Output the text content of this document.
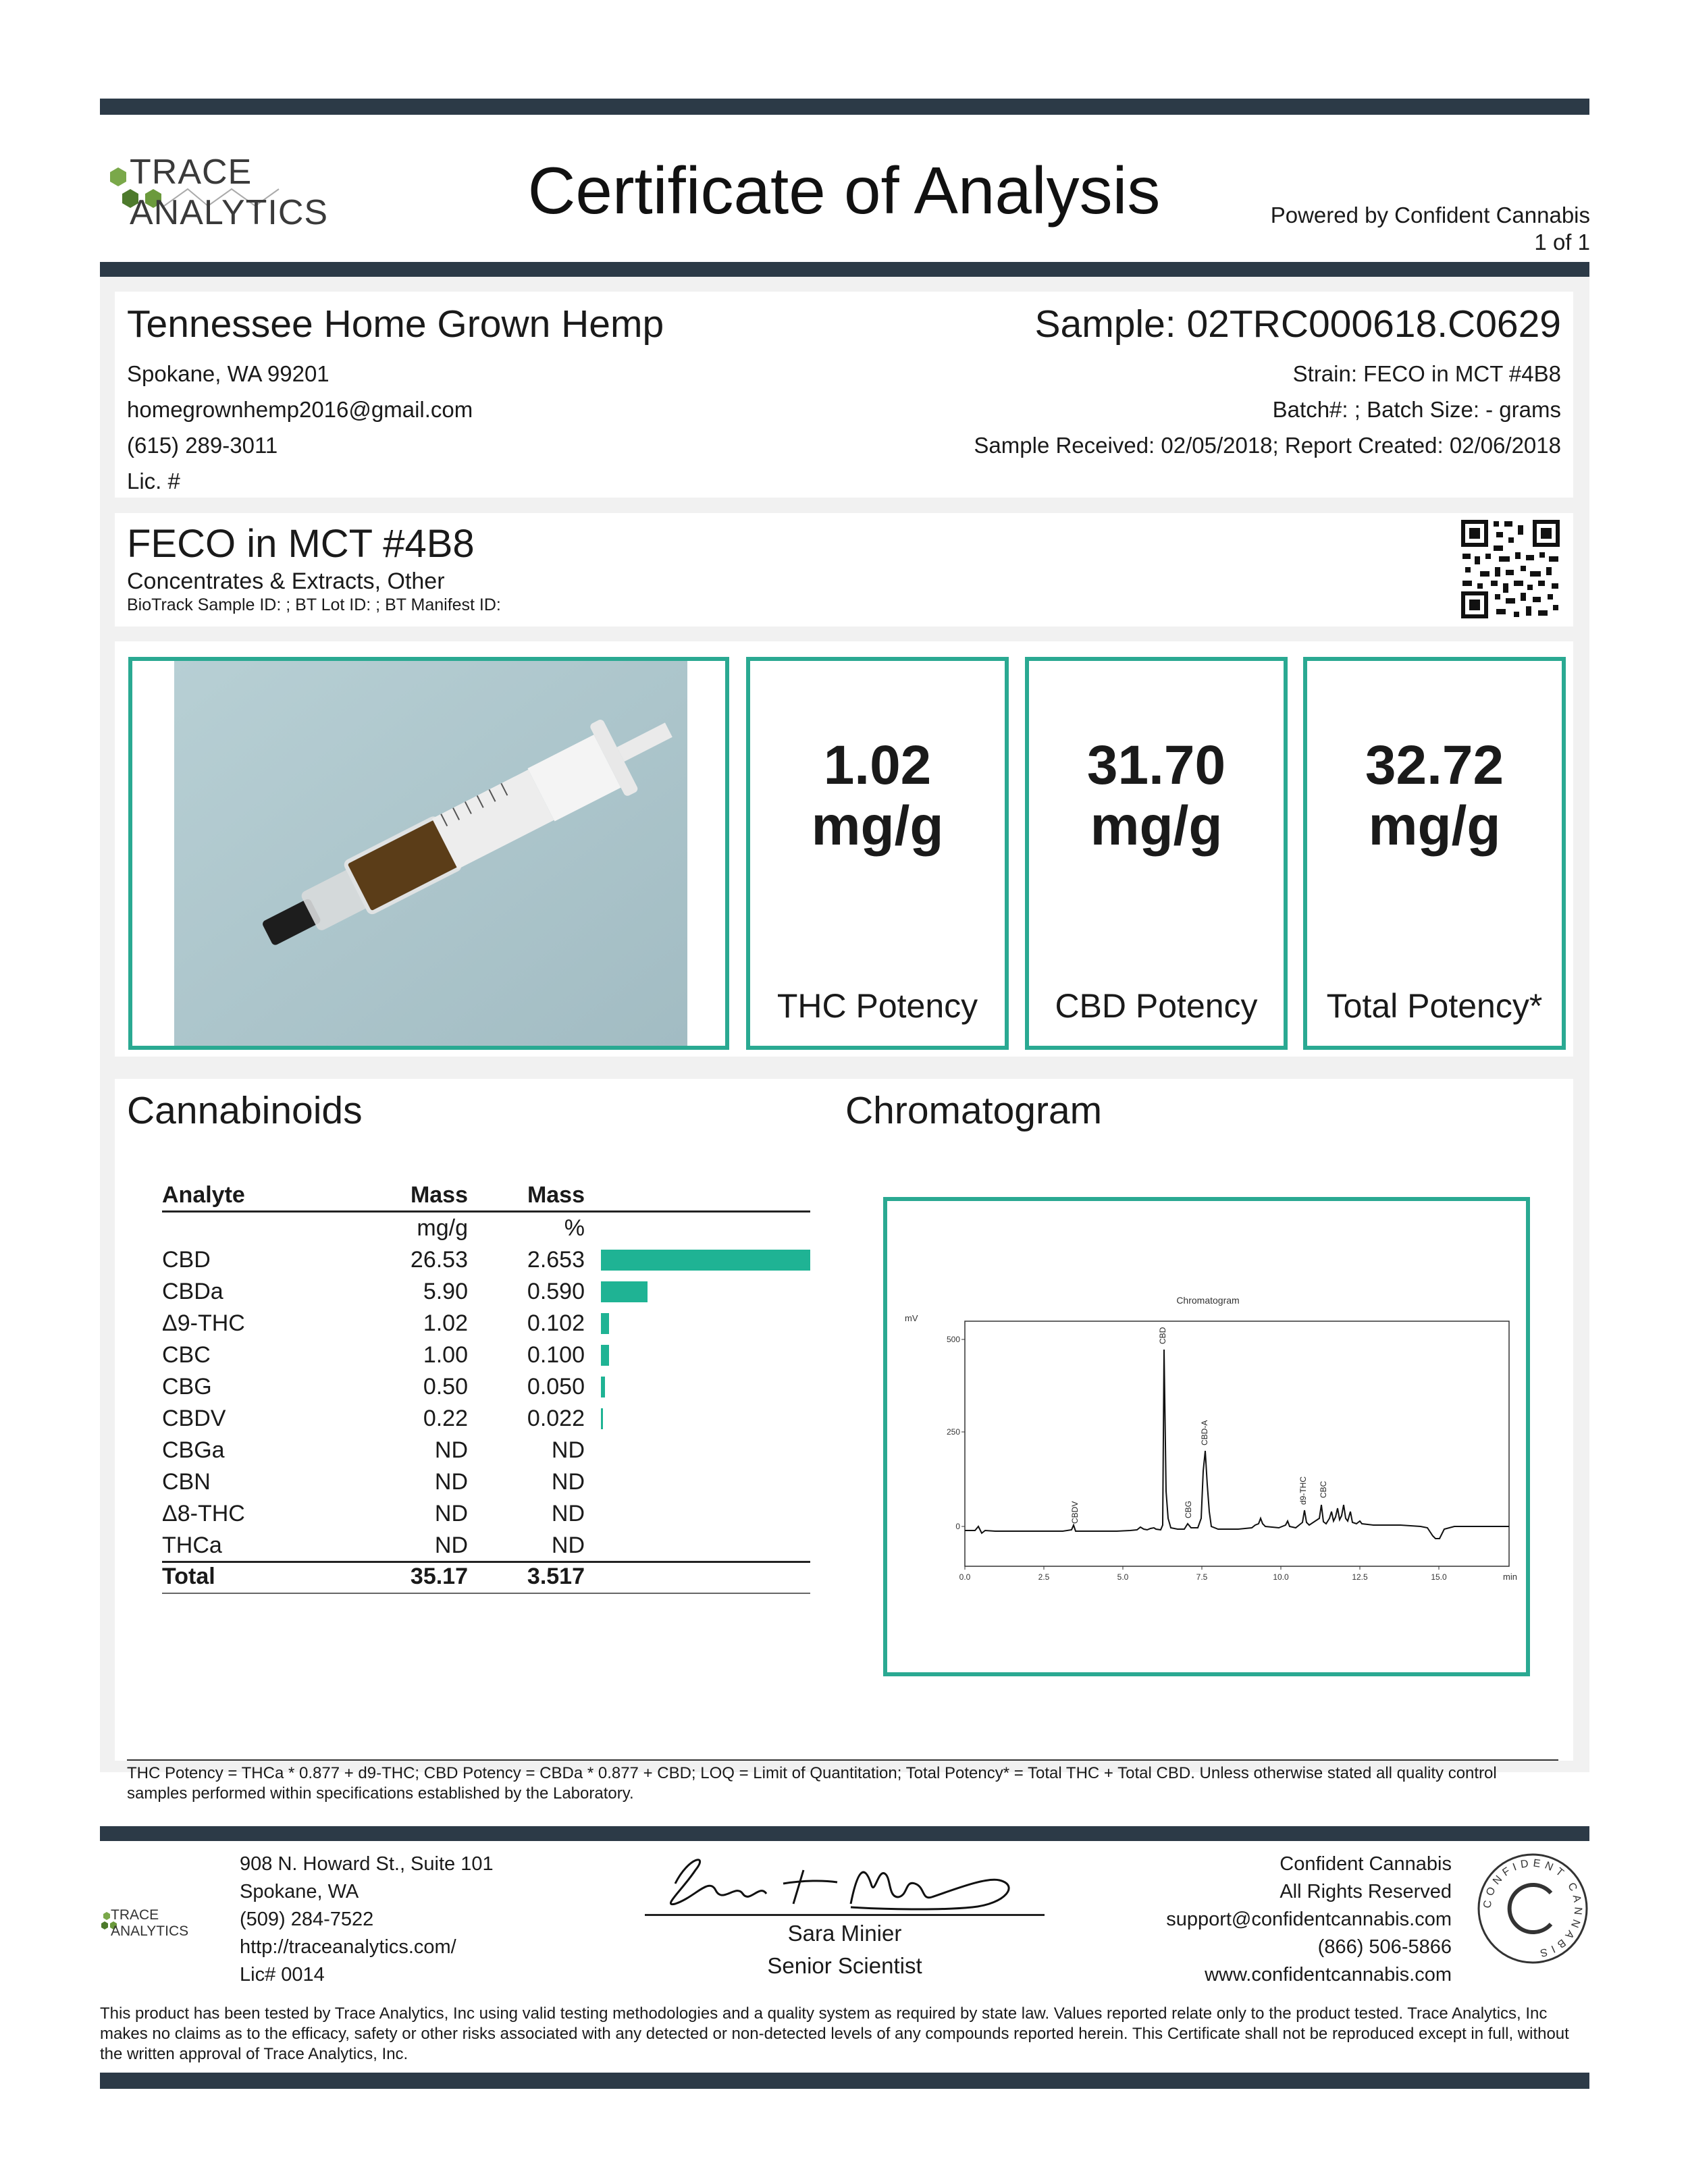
TRACE ANALYTICS	Certificate of Analysis	Powered by Confident Cannabis
1 of 1
Tennessee Home Grown Hemp
Spokane, WA 99201
homegrownhemp2016@gmail.com
(615) 289-3011
Lic. #
Sample: 02TRC000618.C0629
Strain: FECO in MCT #4B8
Batch#: ; Batch Size: - grams
Sample Received: 02/05/2018; Report Created: 02/06/2018
FECO in MCT #4B8
Concentrates & Extracts, Other
BioTrack Sample ID: ; BT Lot ID: ; BT Manifest ID:
1.02
mg/g
THC Potency
31.70
mg/g
CBD Potency
32.72
mg/g
Total Potency*
Cannabinoids	Chromatogram
Analyte	Mass	Mass
mg/g	%
CBD	26.53	2.653
CBDa	5.90	0.590
Δ9-THC	1.02	0.102
CBC	1.00	0.100
CBG	0.50	0.050
CBDV	0.22	0.022
CBGa	ND	ND
CBN	ND	ND
Δ8-THC	ND	ND
THCa	ND	ND
Total	35.17	3.517
Chromatogram
mV
min
500
250
0
0.0	2.5	5.0	7.5	10.0	12.5	15.0
CBDV
CBD
CBG
CBD-A
d9-THC CBC
THC Potency = THCa * 0.877 + d9-THC; CBD Potency = CBDa * 0.877 + CBD; LOQ = Limit of Quantitation; Total Potency* = Total THC + Total CBD. Unless otherwise stated all quality control samples performed within specifications established by the Laboratory.
TRACE ANALYTICS
908 N. Howard St., Suite 101
Spokane, WA
(509) 284-7522
http://traceanalytics.com/
Lic# 0014
Sara Minier
Senior Scientist
Confident Cannabis
All Rights Reserved
support@confidentcannabis.com
(866) 506-5866
www.confidentcannabis.com
CONFIDENT CANNABIS
This product has been tested by Trace Analytics, Inc using valid testing methodologies and a quality system as required by state law. Values reported relate only to the product tested. Trace Analytics, Inc makes no claims as to the efficacy, safety or other risks associated with any detected or non-detected levels of any compounds reported herein. This Certificate shall not be reproduced except in full, without the written approval of Trace Analytics, Inc.
